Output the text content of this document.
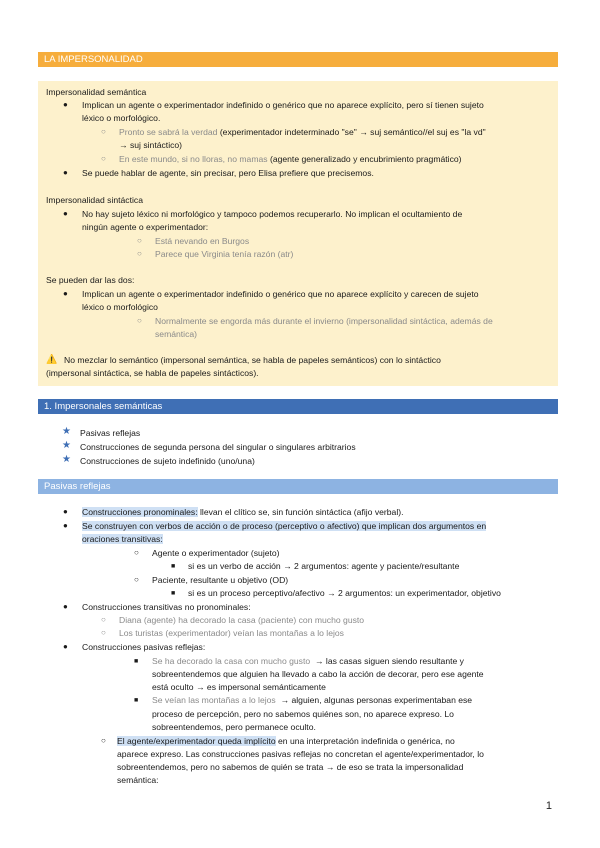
LA IMPERSONALIDAD
Impersonalidad semántica
● Implican un agente o experimentador indefinido o genérico que no aparece explícito, pero sí tienen sujeto
léxico o morfológico.
○ Pronto se sabrá la verdad (experimentador indeterminado "se" → suj semántico//el suj es "la vd"
→ suj sintáctico)
○ En este mundo, si no lloras, no mamas (agente generalizado y encubrimiento pragmático)
● Se puede hablar de agente, sin precisar, pero Elisa prefiere que precisemos.
Impersonalidad sintáctica
● No hay sujeto léxico ni morfológico y tampoco podemos recuperarlo. No implican el ocultamiento de
ningún agente o experimentador:
○ Está nevando en Burgos
○ Parece que Virginia tenía razón (atr)
Se pueden dar las dos:
● Implican un agente o experimentador indefinido o genérico que no aparece explícito y carecen de sujeto
léxico o morfológico
○ Normalmente se engorda más durante el invierno (impersonalidad sintáctica, además de
semántica)
⚠️ No mezclar lo semántico (impersonal semántica, se habla de papeles semánticos) con lo sintáctico
(impersonal sintáctica, se habla de papeles sintácticos).
1. Impersonales semánticas
★ Pasivas reflejas
★ Construcciones de segunda persona del singular o singulares arbitrarios
★ Construcciones de sujeto indefinido (uno/una)
Pasivas reflejas
● Construcciones pronominales: llevan el clítico se, sin función sintáctica (afijo verbal).
● Se construyen con verbos de acción o de proceso (perceptivo o afectivo) que implican dos argumentos en
oraciones transitivas:
○ Agente o experimentador (sujeto)
■ si es un verbo de acción → 2 argumentos: agente y paciente/resultante
○ Paciente, resultante u objetivo (OD)
■ si es un proceso perceptivo/afectivo → 2 argumentos: un experimentador, objetivo
● Construcciones transitivas no pronominales:
○ Diana (agente) ha decorado la casa (paciente) con mucho gusto
○ Los turistas (experimentador) veían las montañas a lo lejos
● Construcciones pasivas reflejas:
■ Se ha decorado la casa con mucho gusto → las casas siguen siendo resultante y
sobreentendemos que alguien ha llevado a cabo la acción de decorar, pero ese agente
está oculto → es impersonal semánticamente
■ Se veían las montañas a lo lejos → alguien, algunas personas experimentaban ese
proceso de percepción, pero no sabemos quiénes son, no aparece expreso. Lo
sobreentendemos, pero permanece oculto.
○ El agente/experimentador queda implícito en una interpretación indefinida o genérica, no
aparece expreso. Las construcciones pasivas reflejas no concretan el agente/experimentador, lo
sobreentendemos, pero no sabemos de quién se trata → de eso se trata la impersonalidad
semántica:
1
